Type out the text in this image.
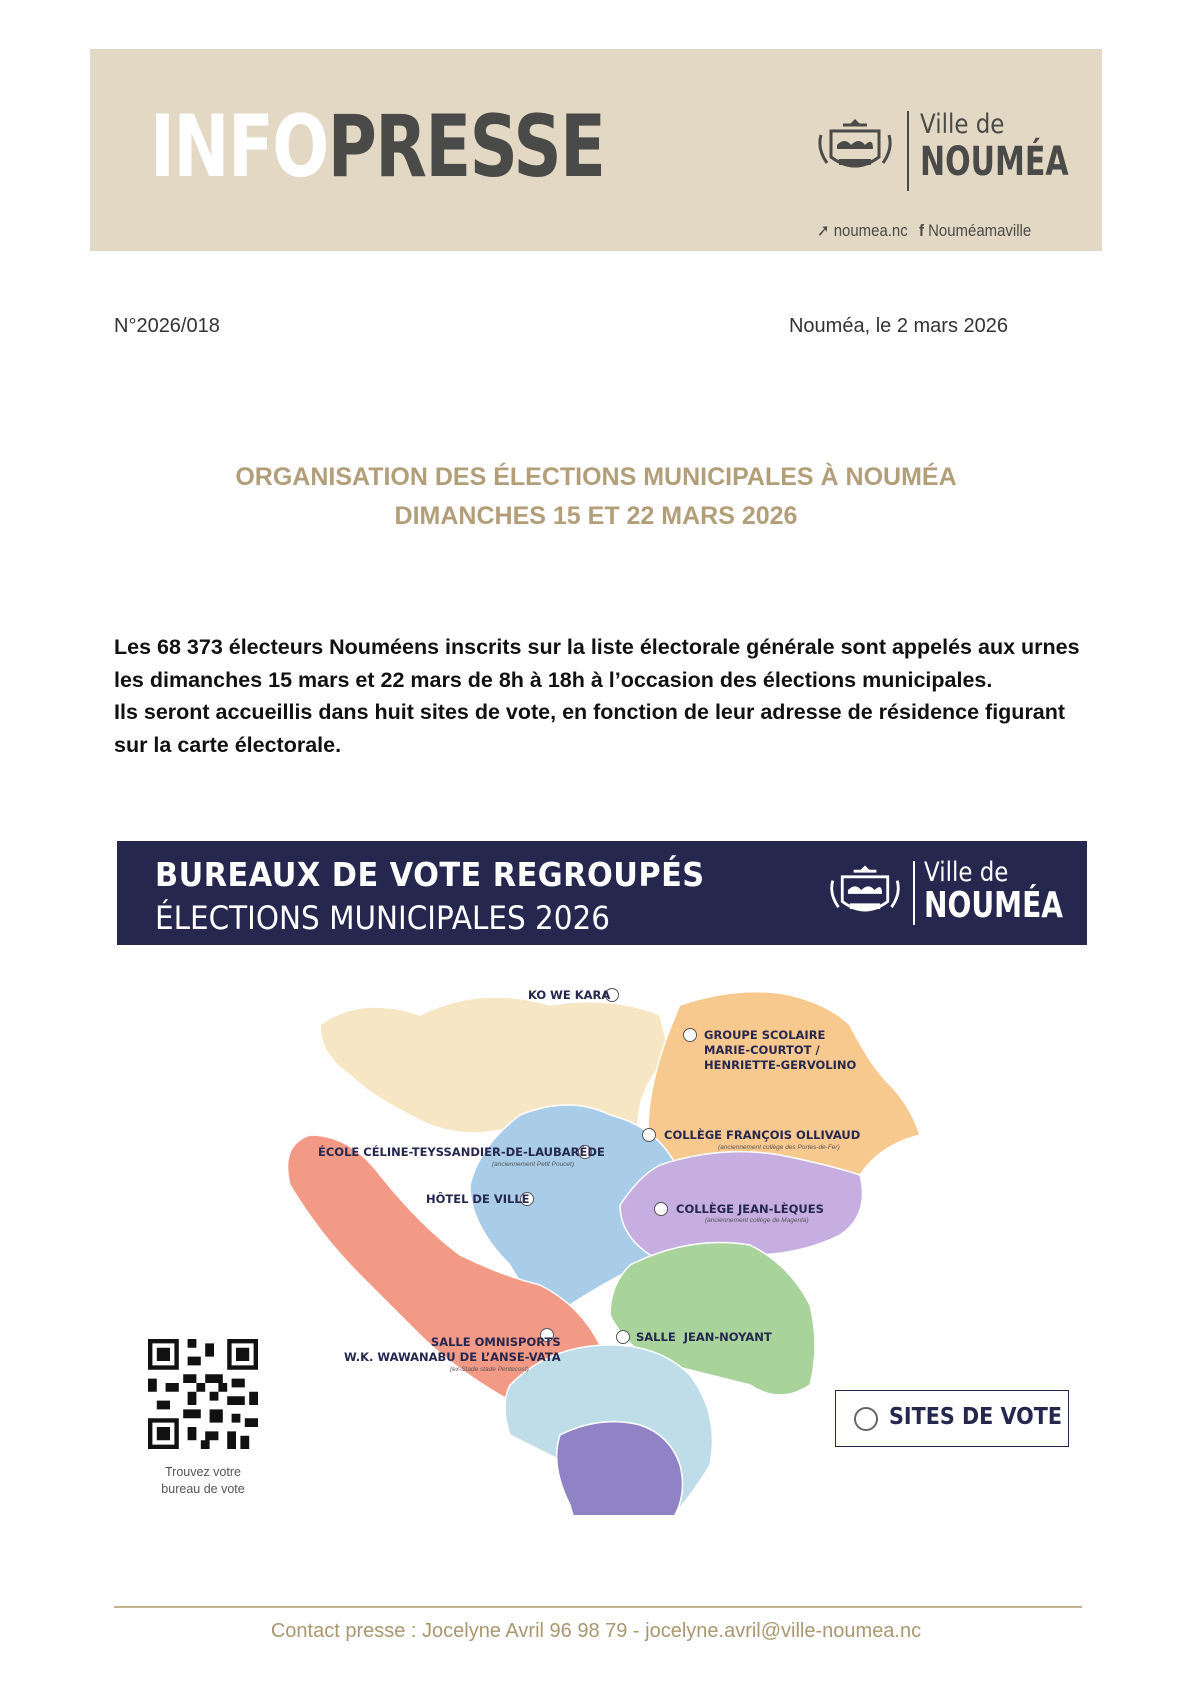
INFOPRESSE	Ville de
NOUMÉA
➚ noumea.nc f Nouméamaville
N°2026/018	Nouméa, le 2 mars 2026
ORGANISATION DES ÉLECTIONS MUNICIPALES À NOUMÉA
DIMANCHES 15 ET 22 MARS 2026

Les 68 373 électeurs Nouméens inscrits sur la liste électorale générale sont appelés aux urnes les dimanches 15 mars et 22 mars de 8h à 18h à l’occasion des élections municipales.

Ils seront accueillis dans huit sites de vote, en fonction de leur adresse de résidence figurant sur la carte électorale.

BUREAUX DE VOTE REGROUPÉS
ÉLECTIONS MUNICIPALES 2026
Ville de
NOUMÉA
KO WE KARA
GROUPE SCOLAIRE
MARIE-COURTOT /
HENRIETTE-GERVOLINO
COLLÈGE FRANÇOIS OLLIVAUD
(anciennement collège des Portes-de-Fer)
ÉCOLE CÉLINE-TEYSSANDIER-DE-LAUBARÈDE
(anciennement Petit Poucet)
HÔTEL DE VILLE
COLLÈGE JEAN-LÈQUES
(anciennement collège de Magenta)
SALLE OMNISPORTS
W.K. WAWANABU DE L’ANSE-VATA
(ex-Stade stade Pentecost)
SALLE  JEAN-NOYANT
Trouvez votre
bureau de vote
SITES DE VOTE
Contact presse : Jocelyne Avril 96 98 79 - jocelyne.avril@ville-noumea.nc
